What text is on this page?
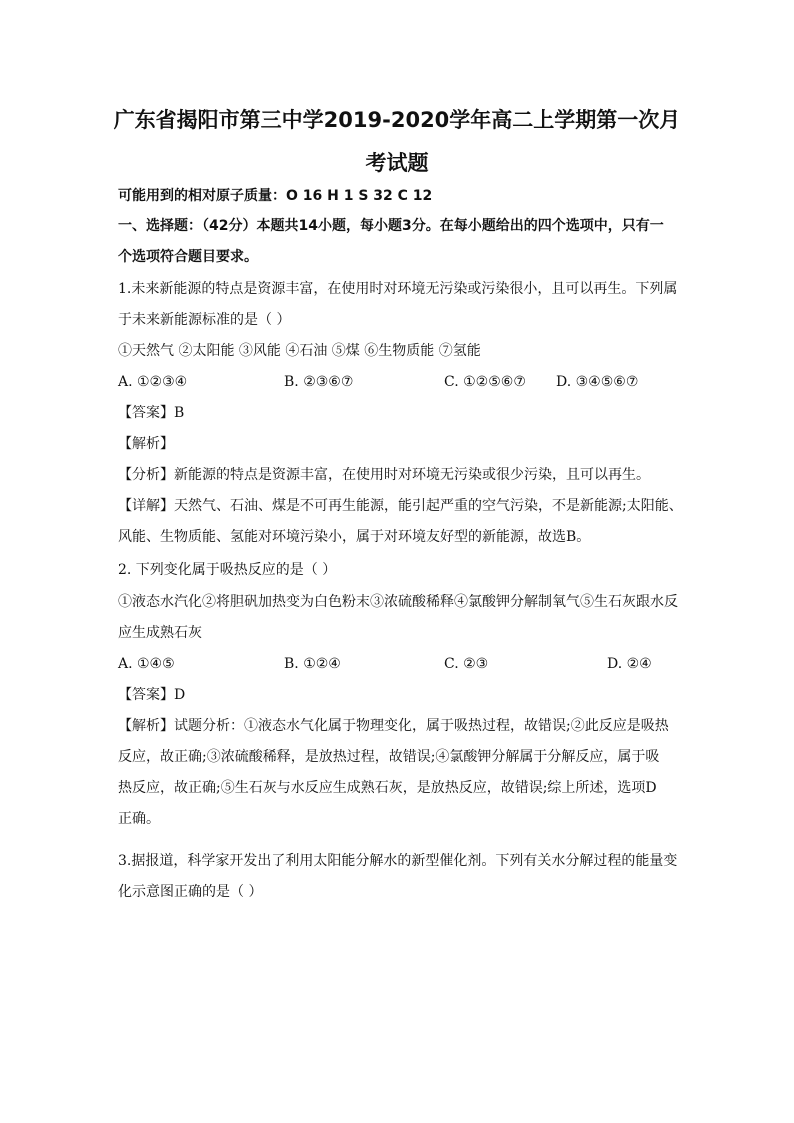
广东省揭阳市第三中学2019-2020学年高二上学期第一次月
考试题
可能用到的相对原子质量：O 16 H 1 S 32 C 12
一、选择题：（42分）本题共14小题，每小题3分。在每小题给出的四个选项中，只有一
个选项符合题目要求。
1.未来新能源的特点是资源丰富，在使用时对环境无污染或污染很小，且可以再生。下列属
于未来新能源标准的是（ ）
①天然气 ②太阳能 ③风能 ④石油 ⑤煤 ⑥生物质能 ⑦氢能
A. ①②③④	B. ②③⑥⑦	C. ①②⑤⑥⑦ D. ③④⑤⑥⑦
【答案】B
【解析】
【分析】新能源的特点是资源丰富，在使用时对环境无污染或很少污染，且可以再生。
【详解】天然气、石油、煤是不可再生能源，能引起严重的空气污染，不是新能源;太阳能、
风能、生物质能、氢能对环境污染小，属于对环境友好型的新能源，故选B。
2. 下列变化属于吸热反应的是（ ）
①液态水汽化②将胆矾加热变为白色粉末③浓硫酸稀释④氯酸钾分解制氧气⑤生石灰跟水反
应生成熟石灰
A. ①④⑤	B. ①②④	C. ②③	D. ②④
【答案】D
【解析】试题分析：①液态水气化属于物理变化，属于吸热过程，故错误;②此反应是吸热
反应，故正确;③浓硫酸稀释，是放热过程，故错误;④氯酸钾分解属于分解反应，属于吸
热反应，故正确;⑤生石灰与水反应生成熟石灰，是放热反应，故错误;综上所述，选项D
正确。
3.据报道，科学家开发出了利用太阳能分解水的新型催化剂。下列有关水分解过程的能量变
化示意图正确的是（ ）
